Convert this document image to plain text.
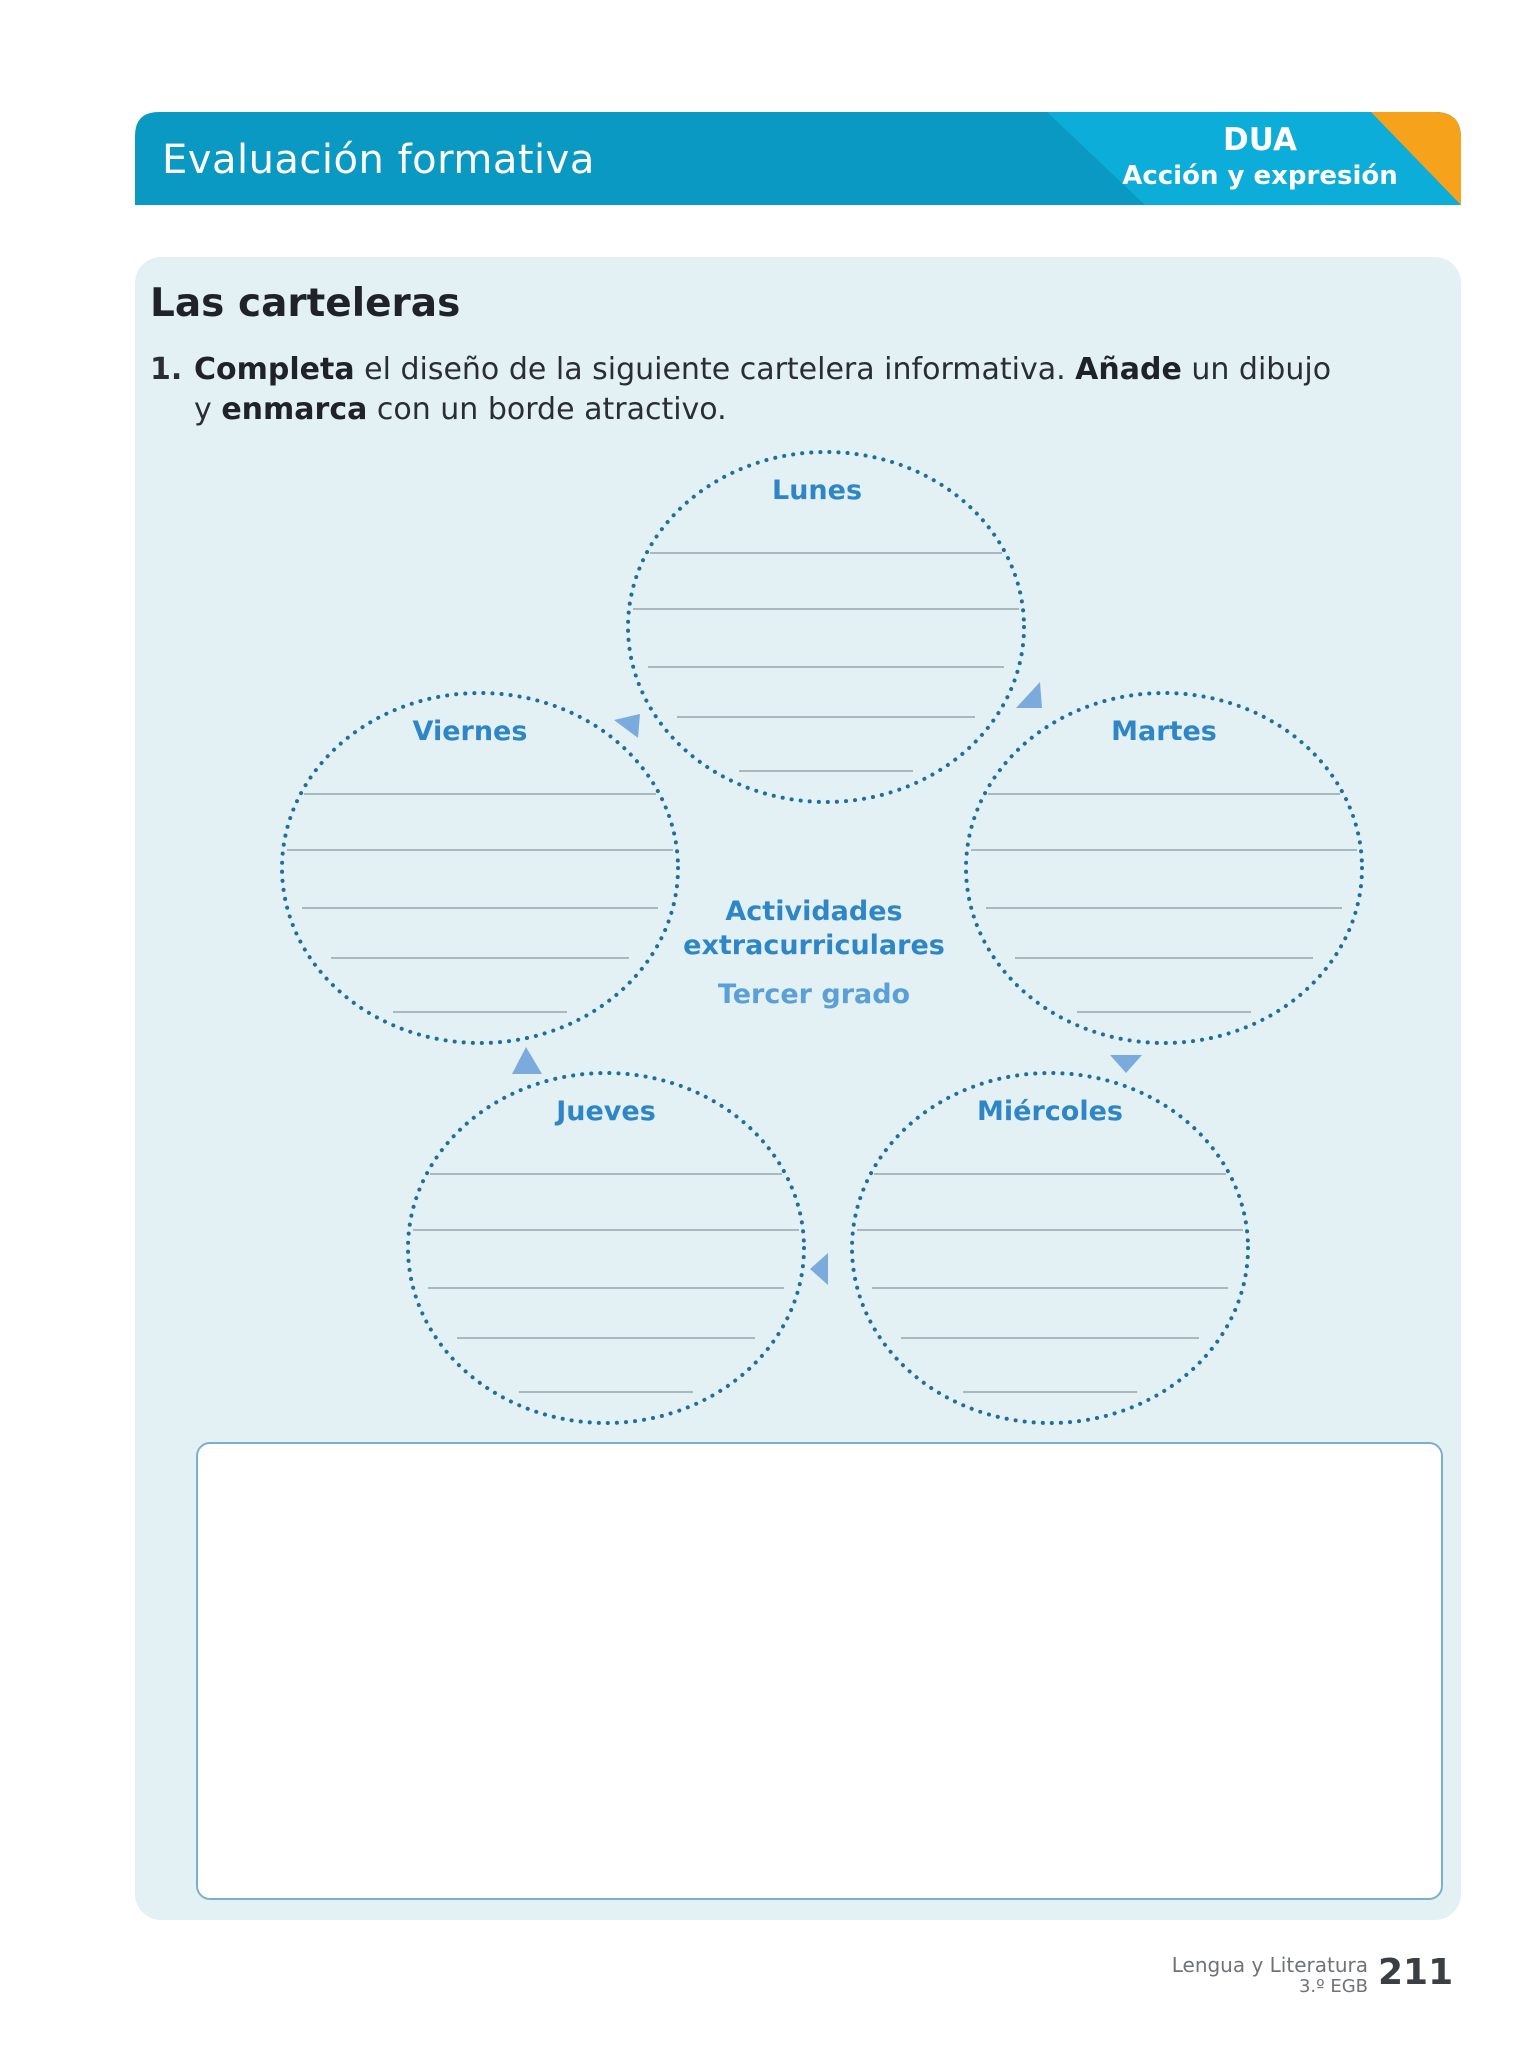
Evaluación formativa	DUA
Acción y expresión
Las carteleras
1. Completa el diseño de la siguiente cartelera informativa. Añade un dibujo
y enmarca con un borde atractivo.
Lunes
Martes
Miércoles
Jueves
Viernes
Actividades
extracurriculares
Tercer grado
Lengua y Literatura
3.º EGB 211
